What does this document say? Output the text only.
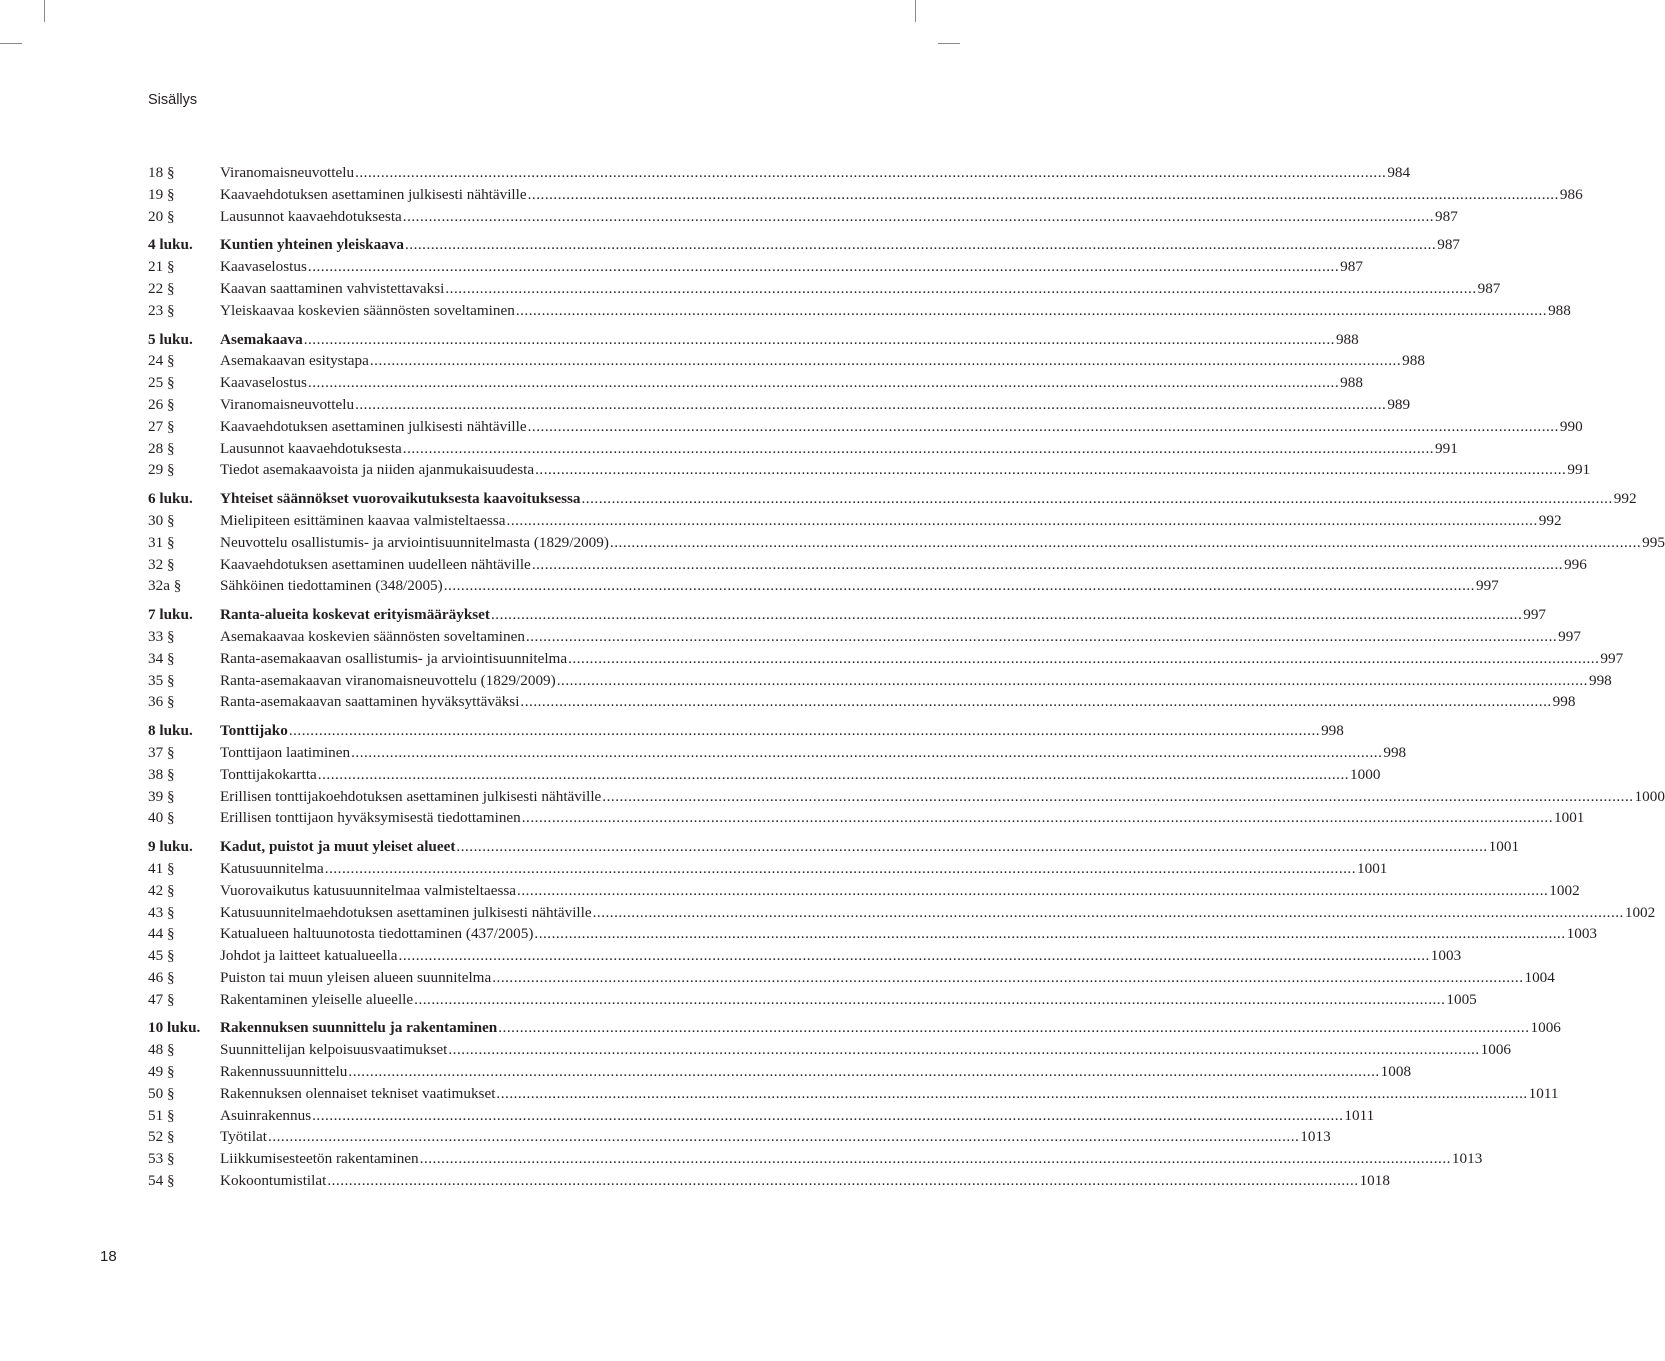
Sisällys
18 §	Viranomaisneuvottelu .....	984
19 §	Kaavaehdotuksen asettaminen julkisesti nähtäville .....	986
20 §	Lausunnot kaavaehdotuksesta .....	987
4 luku.	Kuntien yhteinen yleiskaava .....	987
21 §	Kaavaselostus .....	987
22 §	Kaavan saattaminen vahvistettavaksi .....	987
23 §	Yleiskaavaa koskevien säännösten soveltaminen .....	988
5 luku.	Asemakaava .....	988
24 §	Asemakaavan esitystapa .....	988
25 §	Kaavaselostus .....	988
26 §	Viranomaisneuvottelu .....	989
27 §	Kaavaehdotuksen asettaminen julkisesti nähtäville .....	990
28 §	Lausunnot kaavaehdotuksesta .....	991
29 §	Tiedot asemakaavoista ja niiden ajanmukaisuudesta .....	991
6 luku.	Yhteiset säännökset vuorovaikutuksesta kaavoituksessa .....	992
30 §	Mielipiteen esittäminen kaavaa valmisteltaessa .....	992
31 §	Neuvottelu osallistumis- ja arviointisuunnitelmasta (1829/2009) .....	995
32 §	Kaavaehdotuksen asettaminen uudelleen nähtäville .....	996
32a §	Sähköinen tiedottaminen (348/2005) .....	997
7 luku.	Ranta-alueita koskevat erityismääräykset .....	997
33 §	Asemakaavaa koskevien säännösten soveltaminen .....	997
34 §	Ranta-asemakaavan osallistumis- ja arviointisuunnitelma .....	997
35 §	Ranta-asemakaavan viranomaisneuvottelu (1829/2009) .....	998
36 §	Ranta-asemakaavan saattaminen hyväksyttäväksi .....	998
8 luku.	Tonttijako .....	998
37 §	Tonttijaon laatiminen .....	998
38 §	Tonttijakokartta .....	1000
39 §	Erillisen tonttijakoehdotuksen asettaminen julkisesti nähtäville .....	1000
40 §	Erillisen tonttijaon hyväksymisestä tiedottaminen .....	1001
9 luku.	Kadut, puistot ja muut yleiset alueet .....	1001
41 §	Katusuunnitelma .....	1001
42 §	Vuorovaikutus katusuunnitelmaa valmisteltaessa .....	1002
43 §	Katusuunnitelmaehdotuksen asettaminen julkisesti nähtäville .....	1002
44 §	Katualueen haltuunotosta tiedottaminen (437/2005) .....	1003
45 §	Johdot ja laitteet katualueella .....	1003
46 §	Puiston tai muun yleisen alueen suunnitelma .....	1004
47 §	Rakentaminen yleiselle alueelle .....	1005
10 luku.	Rakennuksen suunnittelu ja rakentaminen .....	1006
48 §	Suunnittelijan kelpoisuusvaatimukset .....	1006
49 §	Rakennussuunnittelu .....	1008
50 §	Rakennuksen olennaiset tekniset vaatimukset .....	1011
51 §	Asuinrakennus .....	1011
52 §	Työtilat .....	1013
53 §	Liikkumisesteetön rakentaminen .....	1013
54 §	Kokoontumistilat .....	1018
18
